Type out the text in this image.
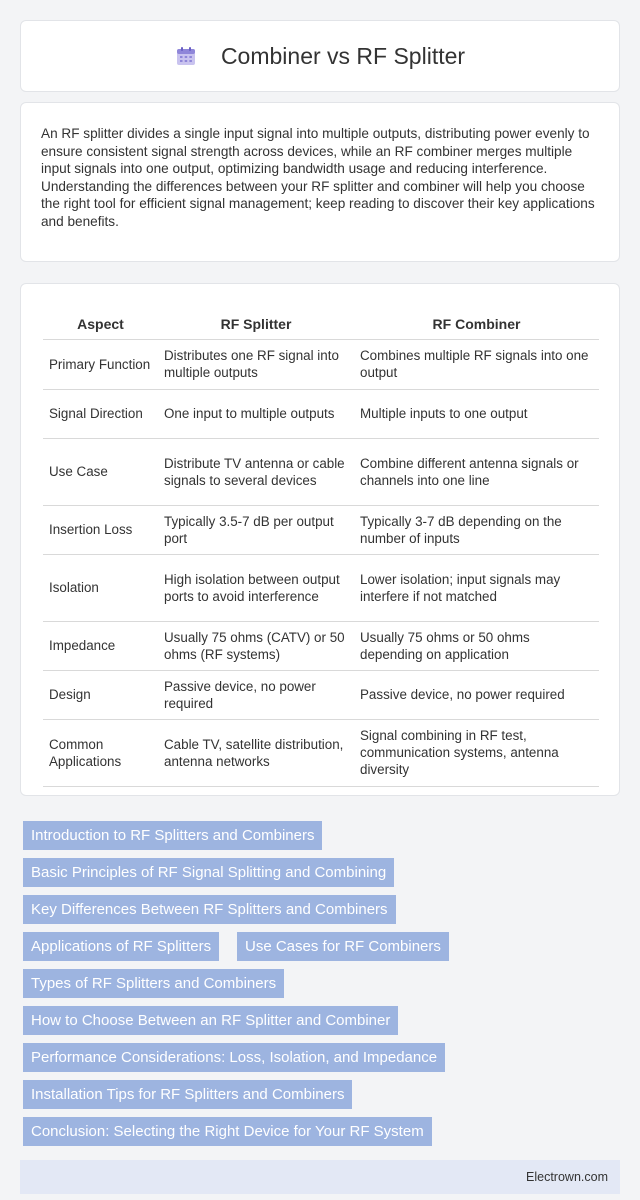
Combiner vs RF Splitter

An RF splitter divides a single input signal into multiple outputs, distributing power evenly to ensure consistent signal strength across devices, while an RF combiner merges multiple input signals into one output, optimizing bandwidth usage and reducing interference. Understanding the differences between your RF splitter and combiner will help you choose the right tool for efficient signal management; keep reading to discover their key applications and benefits.

Aspect	RF Splitter	RF Combiner
Primary Function	Distributes one RF signal into multiple outputs	Combines multiple RF signals into one output
Signal Direction	One input to multiple outputs	Multiple inputs to one output
Use Case	Distribute TV antenna or cable signals to several devices	Combine different antenna signals or channels into one line
Insertion Loss	Typically 3.5-7 dB per output port	Typically 3-7 dB depending on the number of inputs
Isolation	High isolation between output ports to avoid interference	Lower isolation; input signals may interfere if not matched
Impedance	Usually 75 ohms (CATV) or 50 ohms (RF systems)	Usually 75 ohms or 50 ohms depending on application
Design	Passive device, no power required	Passive device, no power required
Common Applications	Cable TV, satellite distribution, antenna networks	Signal combining in RF test, communication systems, antenna diversity
Introduction to RF Splitters and Combiners
Basic Principles of RF Signal Splitting and Combining
Key Differences Between RF Splitters and Combiners
Applications of RF Splitters	Use Cases for RF Combiners
Types of RF Splitters and Combiners
How to Choose Between an RF Splitter and Combiner
Performance Considerations: Loss, Isolation, and Impedance
Installation Tips for RF Splitters and Combiners
Conclusion: Selecting the Right Device for Your RF System
Electrown.com
